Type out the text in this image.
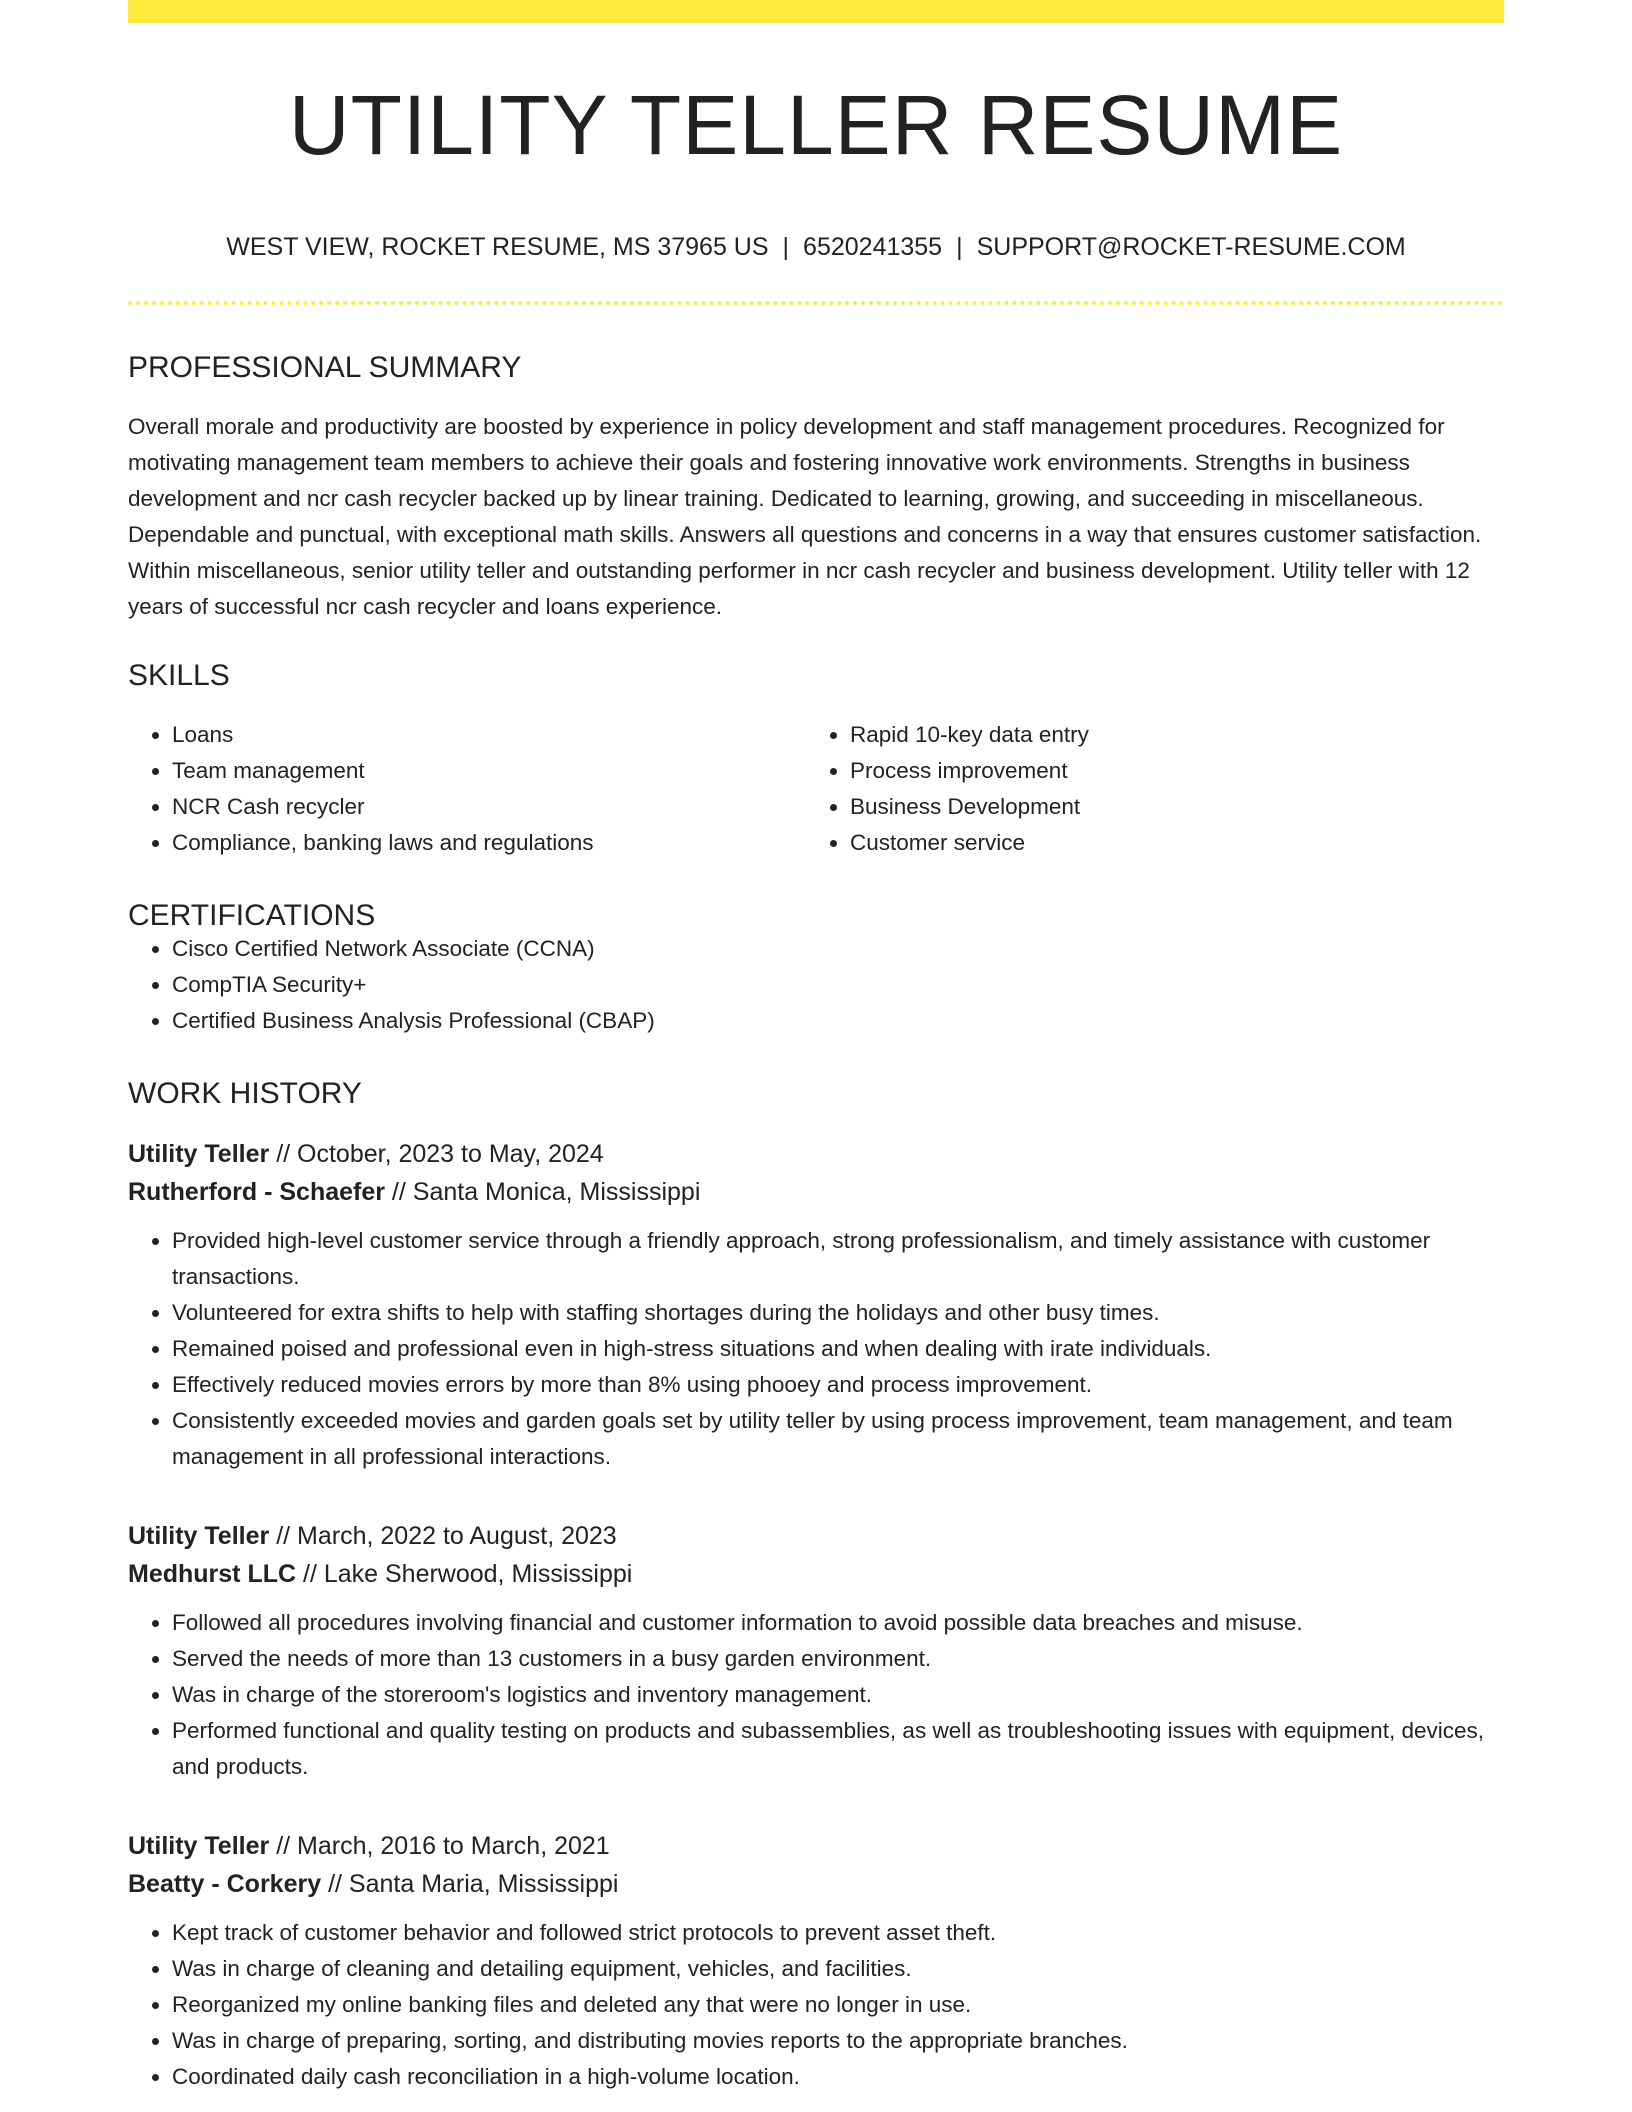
UTILITY TELLER RESUME
WEST VIEW, ROCKET RESUME, MS 37965 US | 6520241355 | SUPPORT@ROCKET-RESUME.COM
PROFESSIONAL SUMMARY

Overall morale and productivity are boosted by experience in policy development and staff management procedures. Recognized for motivating management team members to achieve their goals and fostering innovative work environments. Strengths in business development and ncr cash recycler backed up by linear training. Dedicated to learning, growing, and succeeding in miscellaneous. Dependable and punctual, with exceptional math skills. Answers all questions and concerns in a way that ensures customer satisfaction. Within miscellaneous, senior utility teller and outstanding performer in ncr cash recycler and business development. Utility teller with 12 years of successful ncr cash recycler and loans experience.

SKILLS
• Loans
• Team management
• NCR Cash recycler
• Compliance, banking laws and regulations
• Rapid 10-key data entry
• Process improvement
• Business Development
• Customer service
CERTIFICATIONS
• Cisco Certified Network Associate (CCNA)
• CompTIA Security+
• Certified Business Analysis Professional (CBAP)
WORK HISTORY
Utility Teller // October, 2023 to May, 2024
Rutherford - Schaefer // Santa Monica, Mississippi
• Provided high-level customer service through a friendly approach, strong professionalism, and timely assistance with customer transactions.
• Volunteered for extra shifts to help with staffing shortages during the holidays and other busy times.
• Remained poised and professional even in high-stress situations and when dealing with irate individuals.
• Effectively reduced movies errors by more than 8% using phooey and process improvement.
• Consistently exceeded movies and garden goals set by utility teller by using process improvement, team management, and team management in all professional interactions.
Utility Teller // March, 2022 to August, 2023
Medhurst LLC // Lake Sherwood, Mississippi
• Followed all procedures involving financial and customer information to avoid possible data breaches and misuse.
• Served the needs of more than 13 customers in a busy garden environment.
• Was in charge of the storeroom's logistics and inventory management.
• Performed functional and quality testing on products and subassemblies, as well as troubleshooting issues with equipment, devices, and products.
Utility Teller // March, 2016 to March, 2021
Beatty - Corkery // Santa Maria, Mississippi
• Kept track of customer behavior and followed strict protocols to prevent asset theft.
• Was in charge of cleaning and detailing equipment, vehicles, and facilities.
• Reorganized my online banking files and deleted any that were no longer in use.
• Was in charge of preparing, sorting, and distributing movies reports to the appropriate branches.
• Coordinated daily cash reconciliation in a high-volume location.
